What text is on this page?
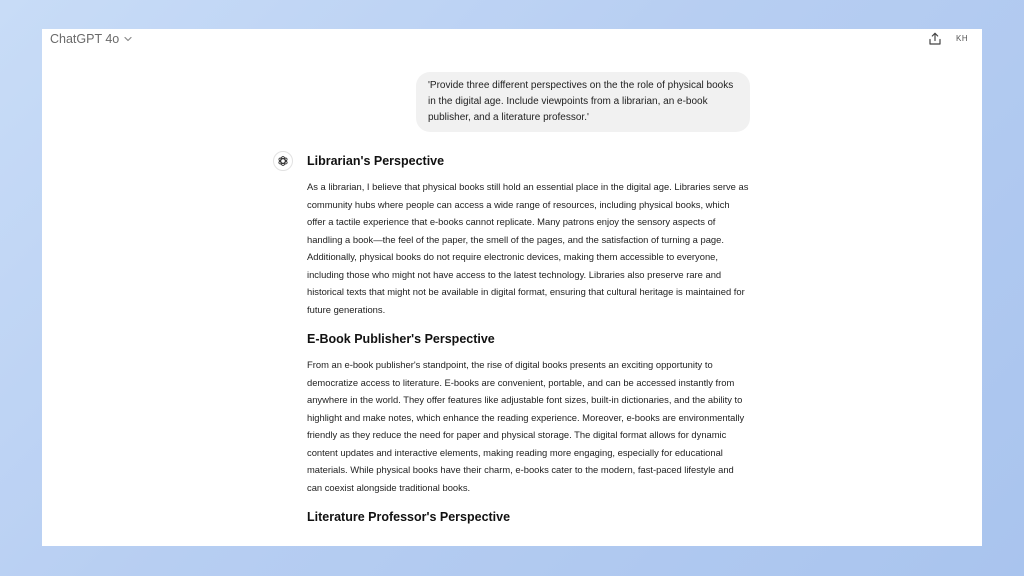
ChatGPT 4o	KH
'Provide three different perspectives on the the role of physical books in the digital age. Include viewpoints from a librarian, an e-book publisher, and a literature professor.'
Librarian's Perspective

As a librarian, I believe that physical books still hold an essential place in the digital age. Libraries serve as community hubs where people can access a wide range of resources, including physical books, which offer a tactile experience that e-books cannot replicate. Many patrons enjoy the sensory aspects of handling a book—the feel of the paper, the smell of the pages, and the satisfaction of turning a page. Additionally, physical books do not require electronic devices, making them accessible to everyone, including those who might not have access to the latest technology. Libraries also preserve rare and historical texts that might not be available in digital format, ensuring that cultural heritage is maintained for future generations.

E-Book Publisher's Perspective

From an e-book publisher's standpoint, the rise of digital books presents an exciting opportunity to democratize access to literature. E-books are convenient, portable, and can be accessed instantly from anywhere in the world. They offer features like adjustable font sizes, built-in dictionaries, and the ability to highlight and make notes, which enhance the reading experience. Moreover, e-books are environmentally friendly as they reduce the need for paper and physical storage. The digital format allows for dynamic content updates and interactive elements, making reading more engaging, especially for educational materials. While physical books have their charm, e-books cater to the modern, fast-paced lifestyle and can coexist alongside traditional books.

Literature Professor's Perspective
